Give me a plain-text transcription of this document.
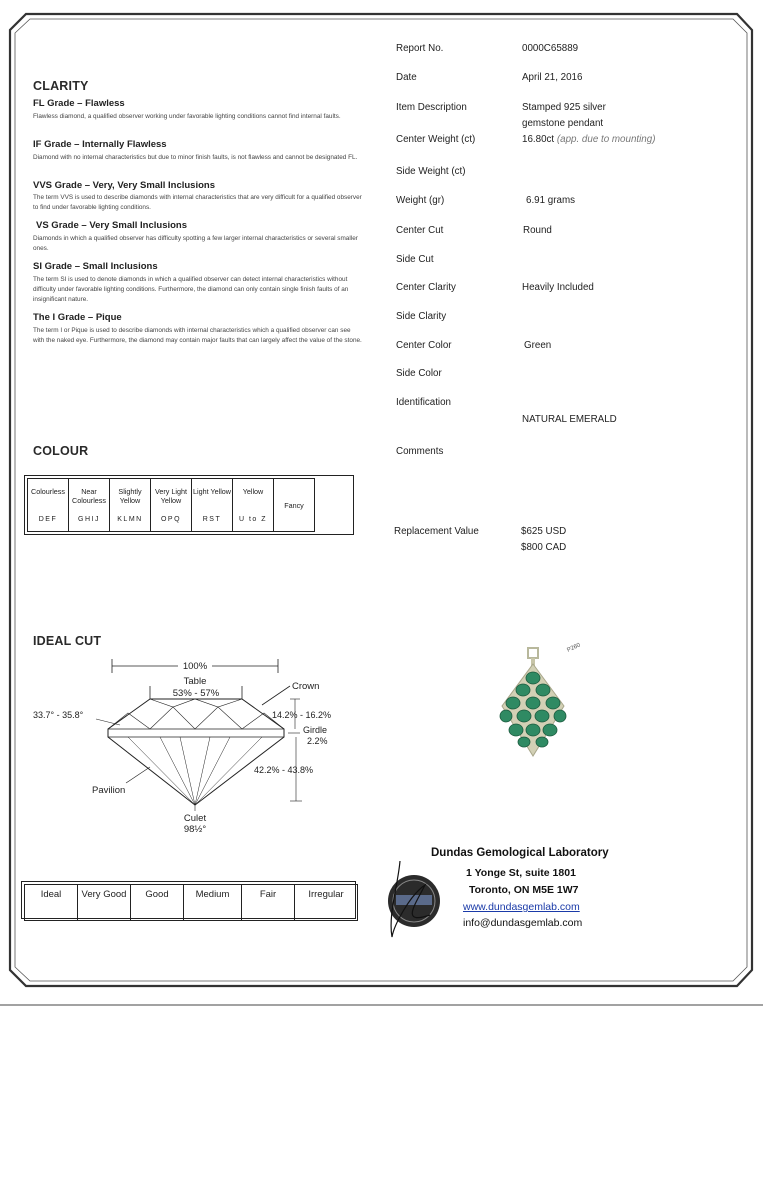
CLARITY
FL Grade – Flawless
Flawless diamond, a qualified observer working under favorable lighting conditions cannot find internal faults.
IF Grade – Internally Flawless
Diamond with no internal characteristics but due to minor finish faults, is not flawless and cannot be designated FL.
VVS Grade – Very, Very Small Inclusions
The term VVS is used to describe diamonds with internal characteristics that are very difficult for a qualified observer to find under favorable lighting conditions.
VS Grade – Very Small Inclusions
Diamonds in which a qualified observer has difficulty spotting a few larger internal characteristics or several smaller ones.
SI Grade – Small Inclusions
The term SI is used to denote diamonds in which a qualified observer can detect internal characteristics without difficulty under favorable lighting conditions. Furthermore, the diamond can only contain single finish faults of an insignificant nature.
The I Grade – Pique
The term I or Pique is used to describe diamonds with internal characteristics which a qualified observer can see with the naked eye. Furthermore, the diamond may contain major faults that can largely affect the value of the stone.
COLOUR
Colourless
DEF

Near Colourless
GHIJ

Slightly Yellow
KLMN

Very Light Yellow
OPQ

Light Yellow
RST

Yellow
U to Z
	Fancy
IDEAL CUT
100%
Table
53% - 57%
Crown
33.7° - 35.8°	14.2% - 16.2%
Girdle
2.2%
42.2% - 43.8%
Pavilion
Culet
98½°
Ideal	Very Good	Good	Medium	Fair	Irregular
Report No.	0000C65889
Date	April 21, 2016
Item Description	Stamped 925 silver
gemstone pendant
Center Weight (ct)	16.80ct (app. due to mounting)
Side Weight (ct)
Weight (gr)	6.91 grams
Center Cut	Round
Side Cut
Center Clarity	Heavily Included
Side Clarity
Center Color	Green
Side Color
Identification
NATURAL EMERALD
Comments
Replacement Value	$625 USD
$800 CAD
P260
Dundas Gemological Laboratory
1 Yonge St, suite 1801
Toronto, ON M5E 1W7
www.dundasgemlab.com
info@dundasgemlab.com
